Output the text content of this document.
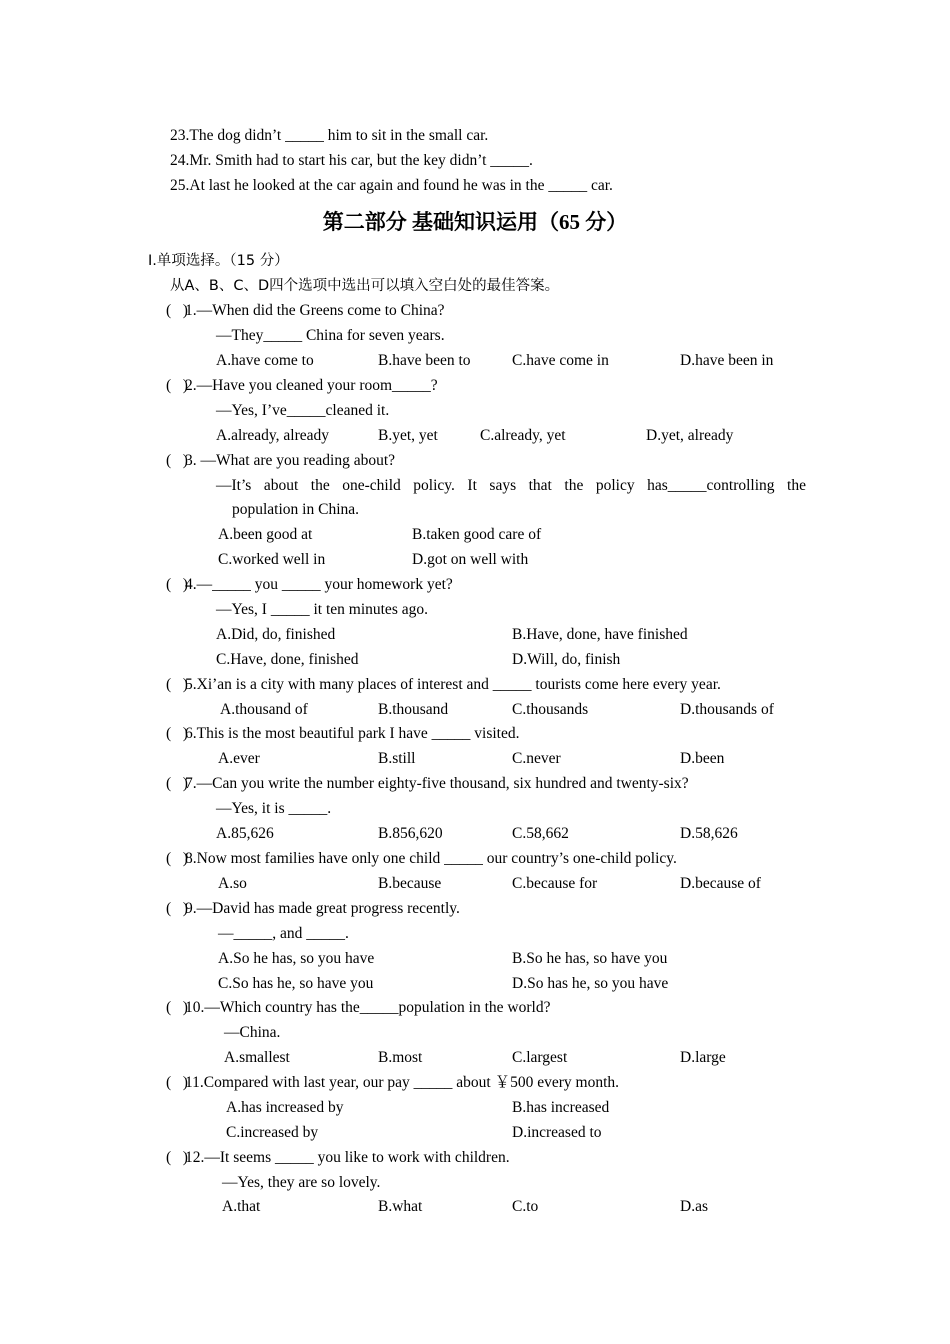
23.The dog didn’t _____ him to sit in the small car.
24.Mr. Smith had to start his car, but the key didn’t _____.
25.At last he looked at the car again and found he was in the _____ car.
第二部分 基础知识运用（65 分）
Ⅰ.单项选择。（15 分）
从A、B、C、D四个选项中选出可以填入空白处的最佳答案。
(   )1.—When did the Greens come to China?
—They_____ China for seven years.
A.have come to	B.have been to	C.have come in	D.have been in
(   )2.—Have you cleaned your room_____?
—Yes, I’ve_____cleaned it.
A.already, already	B.yet, yet	C.already, yet	D.yet, already
(   )3. —What are you reading about?
—It’s about the one-child policy. It says that the policy has_____controlling the
population in China.
A.been good at	B.taken good care of
C.worked well in	D.got on well with
(   )4.—_____ you _____ your homework yet?
—Yes, I _____ it ten minutes ago.
A.Did, do, finished	B.Have, done, have finished
C.Have, done, finished	D.Will, do, finish
(   )5.Xi’an is a city with many places of interest and _____ tourists come here every year.
A.thousand of	B.thousand	C.thousands	D.thousands of
(   )6.This is the most beautiful park I have _____ visited.
A.ever	B.still	C.never	D.been
(   )7.—Can you write the number eighty-five thousand, six hundred and twenty-six?
—Yes, it is _____.
A.85,626	B.856,620	C.58,662	D.58,626
(   )8.Now most families have only one child _____ our country’s one-child policy.
A.so	B.because	C.because for	D.because of
(   )9.—David has made great progress recently.
—_____, and _____.
A.So he has, so you have	B.So he has, so have you
C.So has he, so have you	D.So has he, so you have
(   )10.—Which country has the_____population in the world?
—China.
A.smallest	B.most	C.largest	D.large
(   )11.Compared with last year, our pay _____ about ￥500 every month.
A.has increased by	B.has increased
C.increased by	D.increased to
(   )12.—It seems _____ you like to work with children.
—Yes, they are so lovely.
A.that	B.what	C.to	D.as
